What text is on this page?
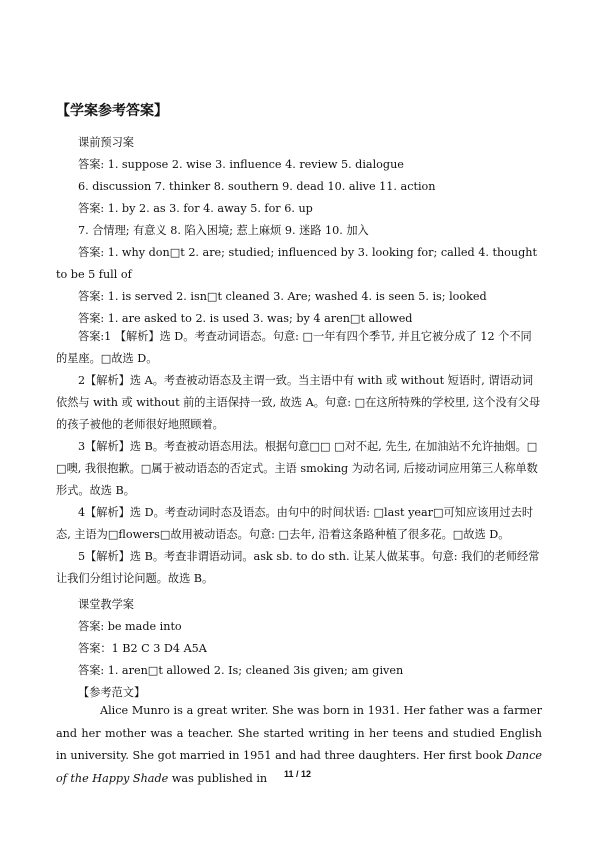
【学案参考答案】
课前预习案
答案: 1. suppose 2. wise 3. influence 4. review 5. dialogue
6. discussion 7. thinker 8. southern 9. dead 10. alive 11. action
答案: 1. by 2. as 3. for 4. away 5. for 6. up
7. 合情理; 有意义 8. 陷入困境; 惹上麻烦 9. 迷路 10. 加入
答案: 1. why don□t 2. are; studied; influenced by 3. looking for; called 4. thought
to be 5 full of
答案: 1. is served 2. isn□t cleaned 3. Are; washed 4. is seen 5. is; looked
答案: 1. are asked to 2. is used 3. was; by 4 aren□t allowed
答案:1 【解析】选 D。考查动词语态。句意: □一年有四个季节, 并且它被分成了 12 个不同的星座。□故选 D。
2【解析】选 A。考查被动语态及主谓一致。当主语中有 with 或 without 短语时, 谓语动词依然与 with 或 without 前的主语保持一致, 故选 A。句意: □在这所特殊的学校里, 这个没有父母的孩子被他的老师很好地照顾着。
3【解析】选 B。考查被动语态用法。根据句意□□ □对不起, 先生, 在加油站不允许抽烟。□ □噢, 我很抱歉。□属于被动语态的否定式。主语 smoking 为动名词, 后接动词应用第三人称单数形式。故选 B。
4【解析】选 D。考查动词时态及语态。由句中的时间状语: □last year□可知应该用过去时态, 主语为□flowers□故用被动语态。句意: □去年, 沿着这条路种植了很多花。□故选 D。
5【解析】选 B。考查非谓语动词。ask sb. to do sth. 让某人做某事。句意: 我们的老师经常让我们分组讨论问题。故选 B。
课堂教学案
答案: be made into
答案：1 B2 C 3 D4 A5A
答案: 1. aren□t allowed 2. Is; cleaned 3is given; am given
【参考范文】
Alice Munro is a great writer. She was born in 1931. Her father was a farmer and her mother was a teacher. She started writing in her teens and studied English in university. She got married in 1951 and had three daughters. Her first book Dance of the Happy Shade was published in	11 / 12
